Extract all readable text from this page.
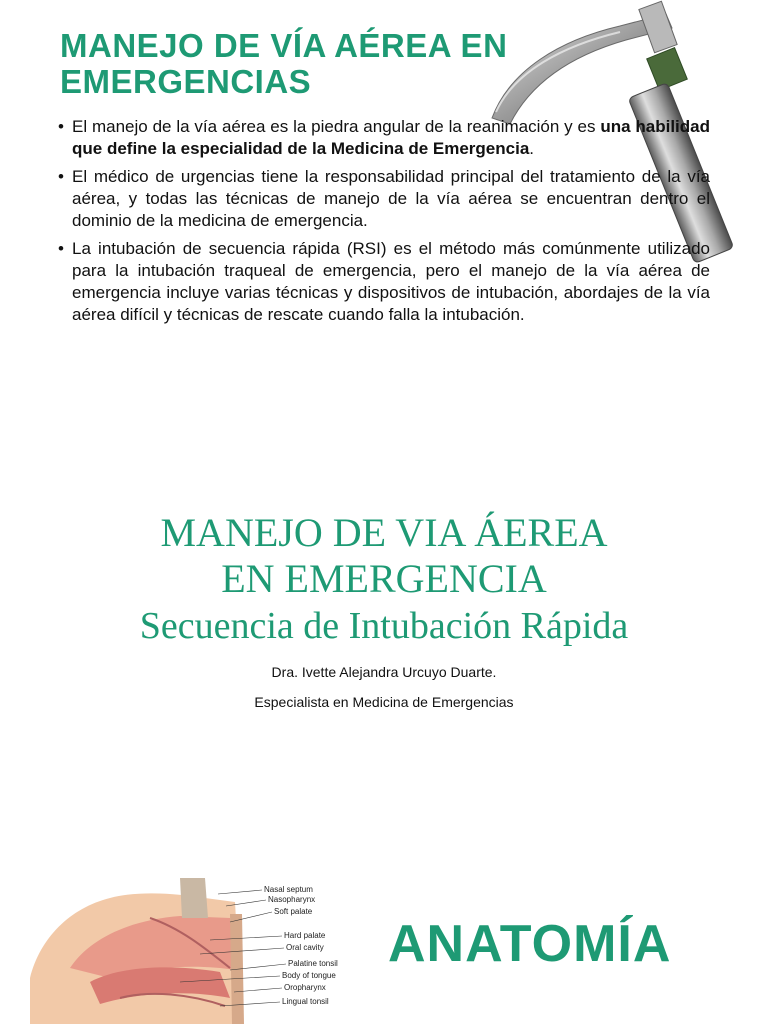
MANEJO DE VÍA AÉREA EN EMERGENCIAS
• El manejo de la vía aérea es la piedra angular de la reanimación y es una habilidad que define la especialidad de la Medicina de Emergencia.
• El médico de urgencias tiene la responsabilidad principal del tratamiento de la vía aérea, y todas las técnicas de manejo de la vía aérea se encuentran dentro el dominio de la medicina de emergencia.
• La intubación de secuencia rápida (RSI) es el método más comúnmente utilizado para la intubación traqueal de emergencia, pero el manejo de la vía aérea de emergencia incluye varias técnicas y dispositivos de intubación, abordajes de la vía aérea difícil y técnicas de rescate cuando falla la intubación.
MANEJO DE VIA ÁEREA
EN EMERGENCIA
Secuencia de Intubación Rápida
Dra. Ivette Alejandra Urcuyo Duarte.
Especialista en Medicina de Emergencias
Nasal septum
Nasopharynx
Soft palate
Hard palate
Oral cavity
Palatine tonsil
Body of tongue
Oropharynx
Lingual tonsil
ANATOMÍA
